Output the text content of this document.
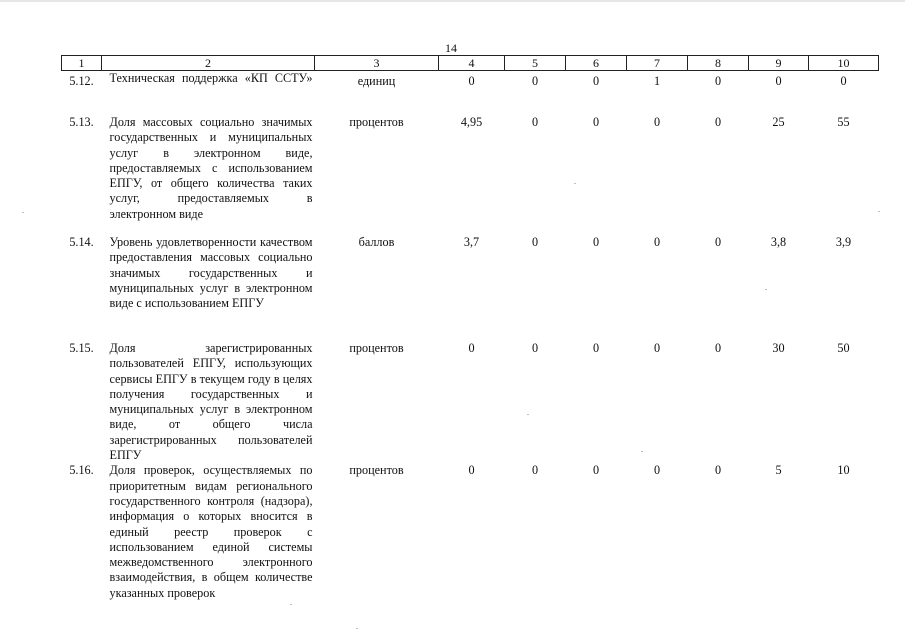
14
1	2	3	4	5	6	7	8	9	10
5.12.	Техническая поддержка «КП ССТУ»	единиц	0	0	0	1	0	0	0
5.13.	Доля массовых социально значимых государственных и муниципальных услуг в электронном виде, предоставляемых с использованием ЕПГУ, от общего количества таких услуг, предоставляемых в электронном виде	процентов	4,95	0	0	0	0	25	55
5.14.	Уровень удовлетворенности качеством предоставления массовых социально значимых государственных и муниципальных услуг в электронном виде с использованием ЕПГУ	баллов	3,7	0	0	0	0	3,8	3,9
5.15.	Доля зарегистрированных пользователей ЕПГУ, использующих сервисы ЕПГУ в текущем году в целях получения государственных и муниципальных услуг в электронном виде, от общего числа зарегистрированных пользователей ЕПГУ	процентов	0	0	0	0	0	30	50
5.16.	Доля проверок, осуществляемых по приоритетным видам регионального государственного контроля (надзора), информация о которых вносится в единый реестр проверок с использованием единой системы межведомственного электронного взаимодействия, в общем количестве указанных проверок	процентов	0	0	0	0	0	5	10
